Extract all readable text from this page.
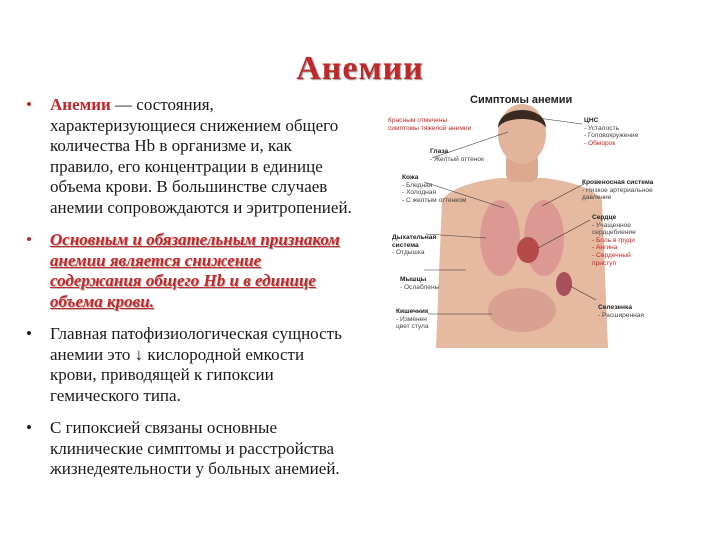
Анемии
• Анемии — состояния, характеризующиеся снижением общего количества Hb в организме и, как правило, его концентрации в единице объема крови. В большинстве случаев анемии сопровождаются и эритропенией.
• Основным и обязательным признаком анемии является снижение содержания общего Hb и в единице объема крови.
• Главная патофизиологическая сущность анемии это ↓ кислородной емкости крови, приводящей к гипоксии гемического типа.
• С гипоксией связаны основные клинические симптомы и расстройства жизнедеятельности у больных анемией.
Симптомы анемии
Красным отмечены
симптомы тяжелой анемии
Глаза
- Желтый оттенок
Кожа
- Бледная
- Холодная
- С желтым оттенком
Дыхательная
система
- Отдышка
Мышцы
- Ослаблены
Кишечник
- Изменен
цвет стула
ЦНС
- Усталость
- Головокружение
- Обморок
Кровеносная система
- Низкое артериальное
давление
Сердце
- Учащенное
сердцебиение
- Боль в груди
- Ангина
- Сердечный
приступ
Селезенка
- Расширенная
